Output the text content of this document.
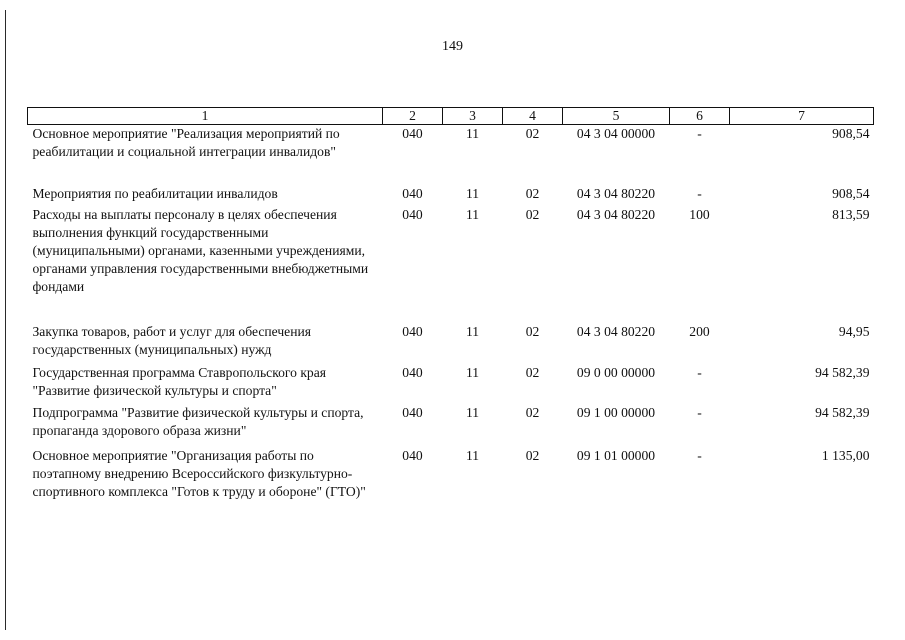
149
1	2	3	4	5	6	7
Основное мероприятие "Реализация мероприятий по реабилитации и социальной интеграции инвалидов"	040	11	02	04 3 04 00000	-	908,54
Мероприятия по реабилитации инвалидов	040	11	02	04 3 04 80220	-	908,54
Расходы на выплаты персоналу в целях обеспечения выполнения функций государственными (муниципальными) органами, казенными учреждениями, органами управления государственными внебюджетными фондами	040	11	02	04 3 04 80220	100	813,59
Закупка товаров, работ и услуг для обеспечения государственных (муниципальных) нужд	040	11	02	04 3 04 80220	200	94,95
Государственная программа Ставропольского края "Развитие физической культуры и спорта"	040	11	02	09 0 00 00000	-	94 582,39
Подпрограмма "Развитие физической культуры и спорта, пропаганда здорового образа жизни"	040	11	02	09 1 00 00000	-	94 582,39
Основное мероприятие "Организация работы по поэтапному внедрению Всероссийского физкультурно-спортивного комплекса "Готов к труду и обороне" (ГТО)"	040	11	02	09 1 01 00000	-	1 135,00
